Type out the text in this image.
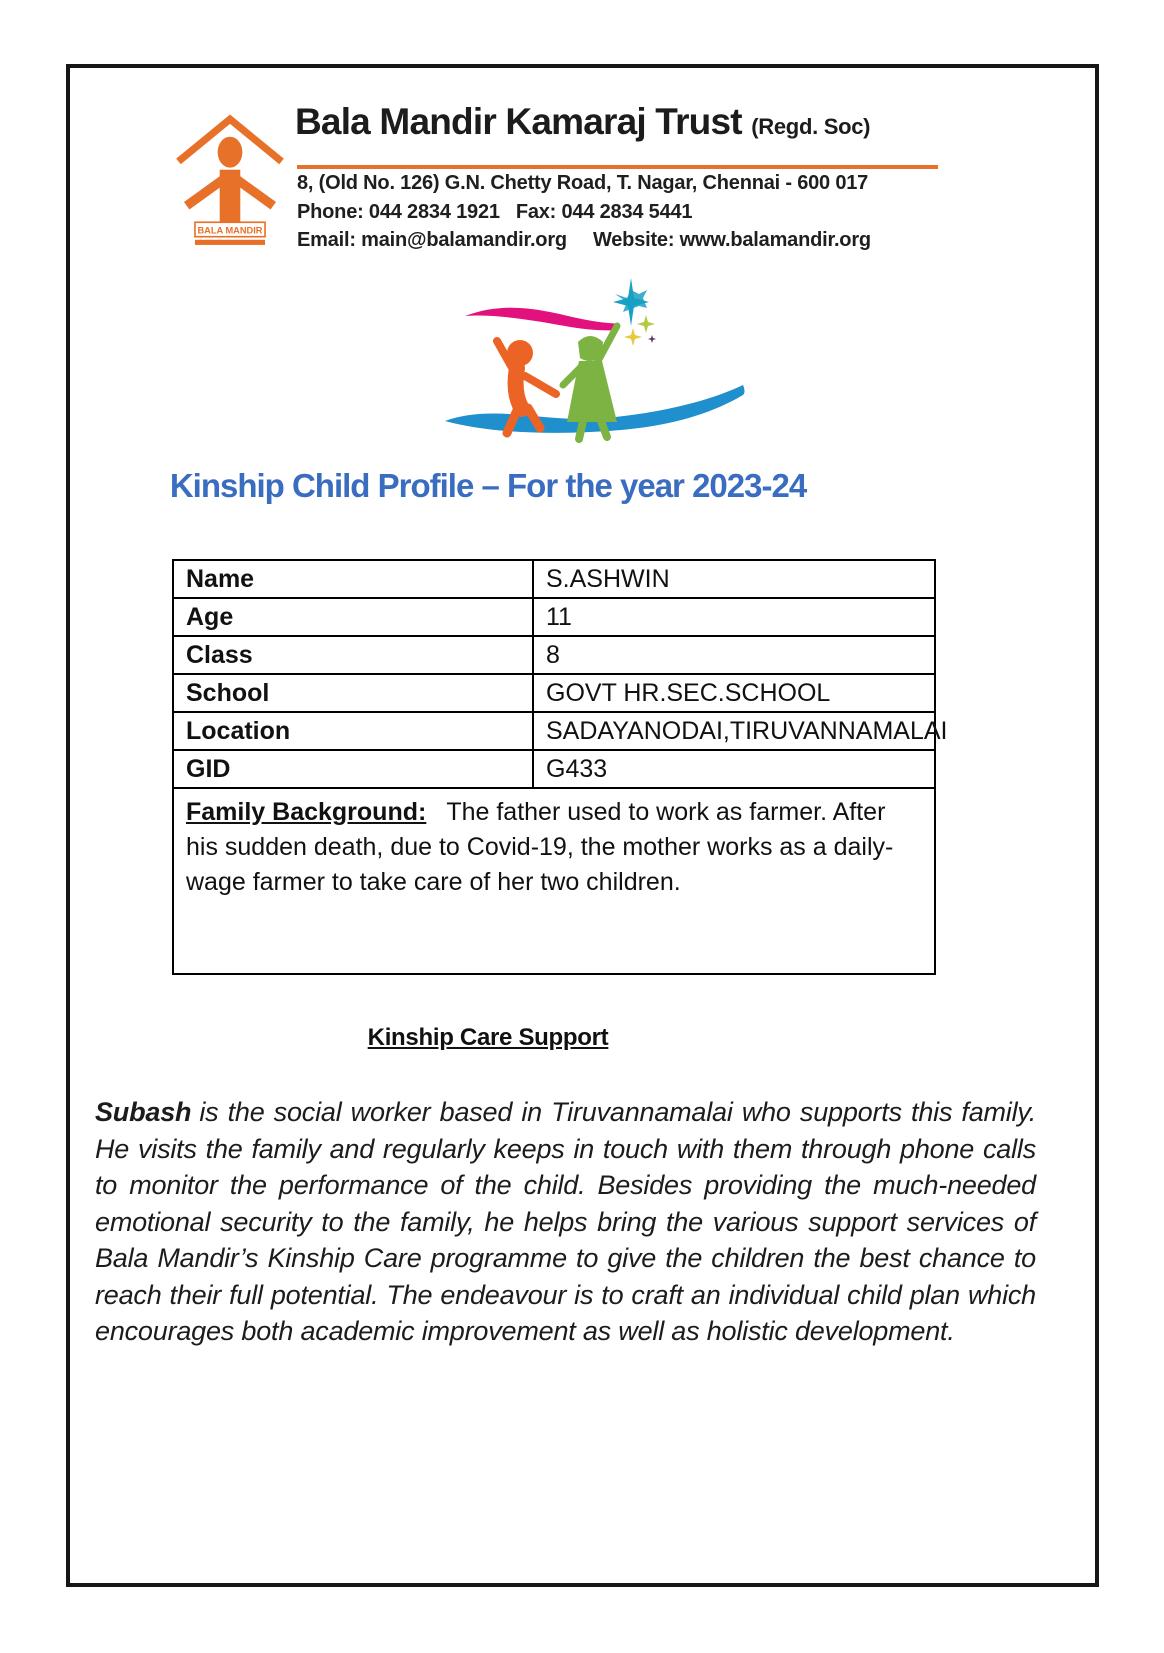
BALA MANDIR
Bala Mandir Kamaraj Trust (Regd. Soc)
8, (Old No. 126) G.N. Chetty Road, T. Nagar, Chennai - 600 017
Phone: 044 2834 1921 Fax: 044 2834 5441
Email: main@balamandir.org Website: www.balamandir.org
Kinship Child Profile – For the year 2023-24
Name	S.ASHWIN
Age	11
Class	8
School	GOVT HR.SEC.SCHOOL
Location	SADAYANODAI,TIRUVANNAMALAI
GID	G433
Family Background: The father used to work as farmer. After his sudden death, due to Covid-19, the mother works as a daily-wage farmer to take care of her two children.	
Kinship Care Support
Subash is the social worker based in Tiruvannamalai who supports this family. He visits the family and regularly keeps in touch with them through phone calls to monitor the performance of the child. Besides providing the much-needed emotional security to the family, he helps bring the various support services of Bala Mandir’s Kinship Care programme to give the children the best chance to reach their full potential. The endeavour is to craft an individual child plan which encourages both academic improvement as well as holistic development.
